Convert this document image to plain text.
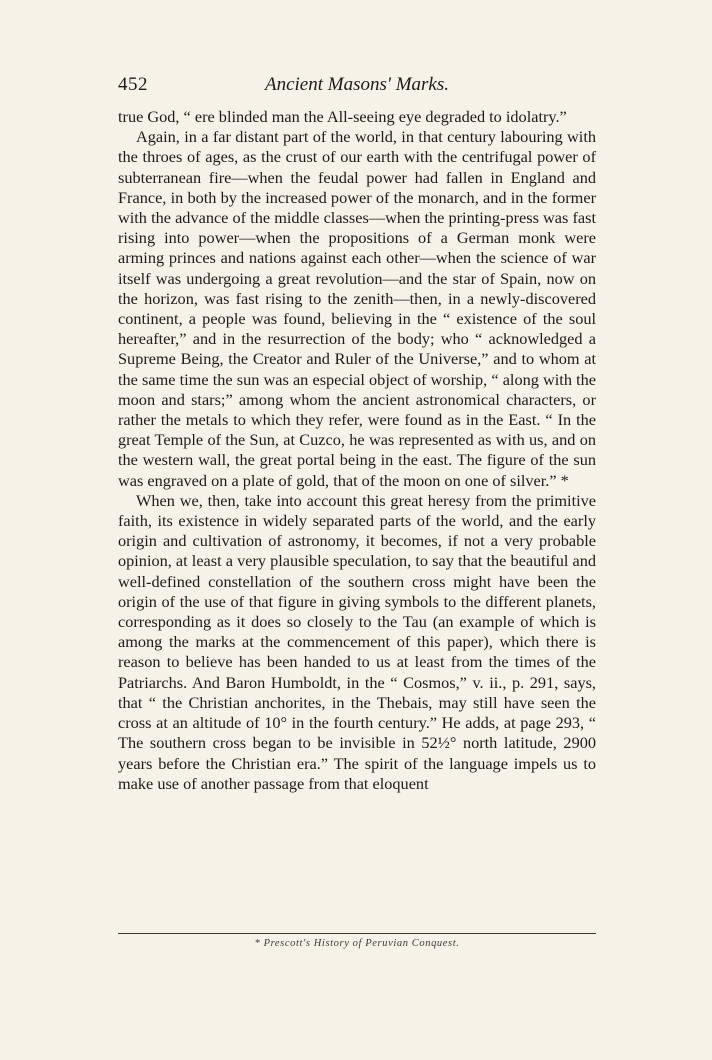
452	Ancient Masons' Marks.

true God, “ ere blinded man the All-seeing eye degraded to idolatry.”

Again, in a far distant part of the world, in that century labouring with the throes of ages, as the crust of our earth with the centrifugal power of subterranean fire—when the feudal power had fallen in England and France, in both by the increased power of the monarch, and in the former with the advance of the middle classes—when the printing-press was fast rising into power—when the propositions of a German monk were arming princes and nations against each other—when the science of war itself was undergoing a great revolution—and the star of Spain, now on the horizon, was fast rising to the zenith—then, in a newly-discovered continent, a people was found, believing in the “ existence of the soul hereafter,” and in the resurrection of the body; who “ acknowledged a Supreme Being, the Creator and Ruler of the Universe,” and to whom at the same time the sun was an especial object of worship, “ along with the moon and stars;” among whom the ancient astronomical characters, or rather the metals to which they refer, were found as in the East. “ In the great Temple of the Sun, at Cuzco, he was represented as with us, and on the western wall, the great portal being in the east. The figure of the sun was engraved on a plate of gold, that of the moon on one of silver.” *

When we, then, take into account this great heresy from the primitive faith, its existence in widely separated parts of the world, and the early origin and cultivation of astronomy, it becomes, if not a very probable opinion, at least a very plausible speculation, to say that the beautiful and well-defined constellation of the southern cross might have been the origin of the use of that figure in giving symbols to the different planets, corresponding as it does so closely to the Tau (an example of which is among the marks at the commencement of this paper), which there is reason to believe has been handed to us at least from the times of the Patriarchs. And Baron Humboldt, in the “ Cosmos,” v. ii., p. 291, says, that “ the Christian anchorites, in the Thebais, may still have seen the cross at an altitude of 10° in the fourth century.” He adds, at page 293, “ The southern cross began to be invisible in 52½° north latitude, 2900 years before the Christian era.” The spirit of the language impels us to make use of another passage from that eloquent

* Prescott's History of Peruvian Conquest.
